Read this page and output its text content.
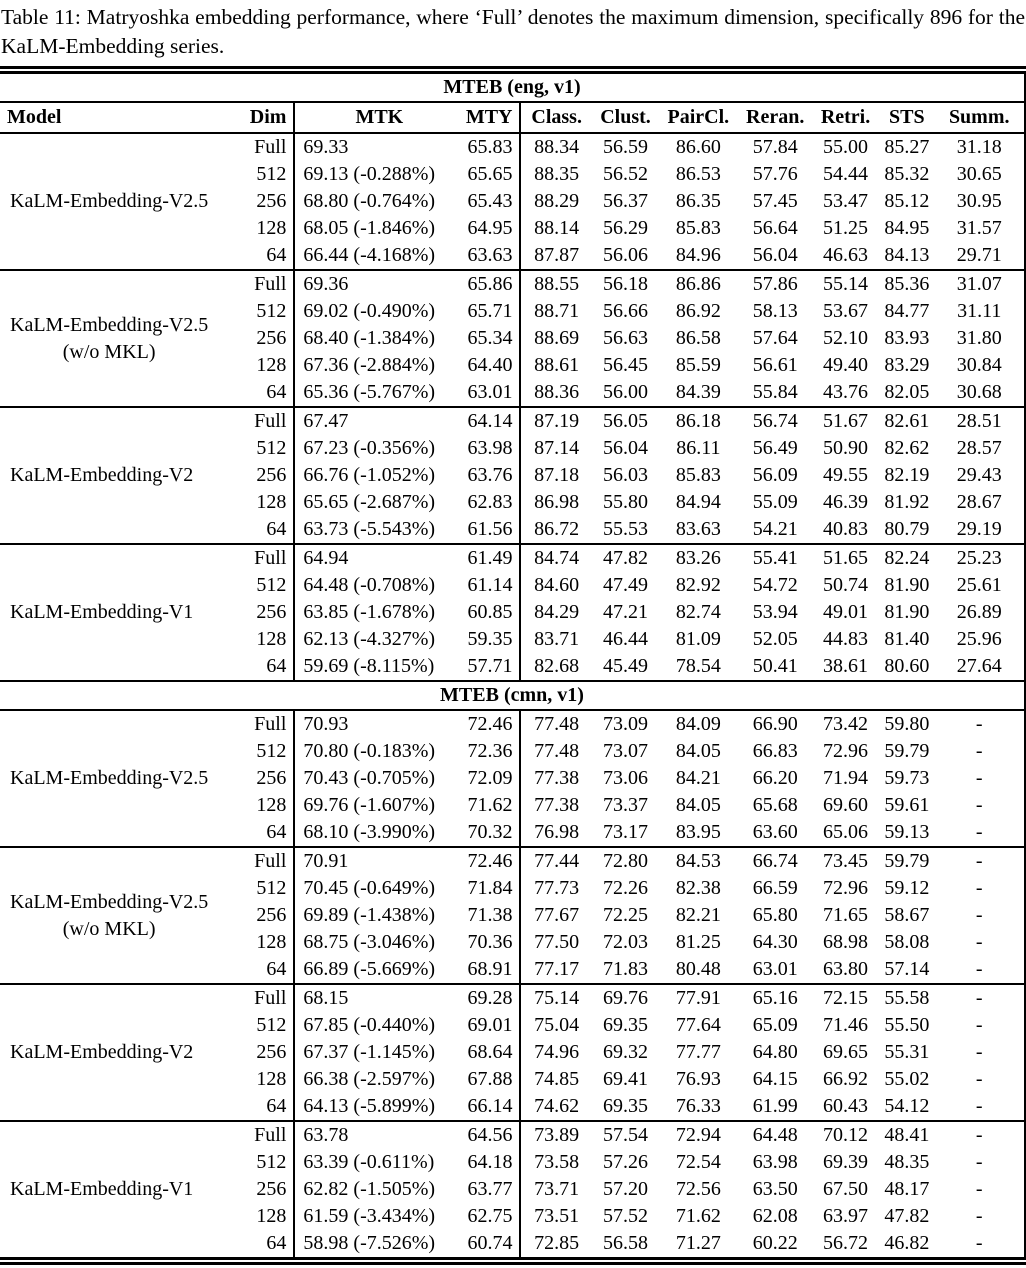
Table 11: Matryoshka embedding performance, where ‘Full’ denotes the maximum dimension, specifically 896 for the KaLM-Embedding series.
MTEB (eng, v1)										
Model	Dim	MTK	MTY	Class.	Clust.	PairCl.	Reran.	Retri.	STS	Summ.

KaLM-Embedding-V2.5	Full	69.33	65.83	88.34	56.59	86.60	57.84	55.00	85.27	31.18
	512	69.13 (-0.288%)	65.65	88.35	56.52	86.53	57.76	54.44	85.32	30.65
	256	68.80 (-0.764%)	65.43	88.29	56.37	86.35	57.45	53.47	85.12	30.95
	128	68.05 (-1.846%)	64.95	88.14	56.29	85.83	56.64	51.25	84.95	31.57
	64	66.44 (-4.168%)	63.63	87.87	56.06	84.96	56.04	46.63	84.13	29.71

KaLM-Embedding-V2.5
(w/o MKL)	Full	69.36	65.86	88.55	56.18	86.86	57.86	55.14	85.36	31.07
	512	69.02 (-0.490%)	65.71	88.71	56.66	86.92	58.13	53.67	84.77	31.11
	256	68.40 (-1.384%)	65.34	88.69	56.63	86.58	57.64	52.10	83.93	31.80
	128	67.36 (-2.884%)	64.40	88.61	56.45	85.59	56.61	49.40	83.29	30.84
	64	65.36 (-5.767%)	63.01	88.36	56.00	84.39	55.84	43.76	82.05	30.68

KaLM-Embedding-V2	Full	67.47	64.14	87.19	56.05	86.18	56.74	51.67	82.61	28.51
	512	67.23 (-0.356%)	63.98	87.14	56.04	86.11	56.49	50.90	82.62	28.57
	256	66.76 (-1.052%)	63.76	87.18	56.03	85.83	56.09	49.55	82.19	29.43
	128	65.65 (-2.687%)	62.83	86.98	55.80	84.94	55.09	46.39	81.92	28.67
	64	63.73 (-5.543%)	61.56	86.72	55.53	83.63	54.21	40.83	80.79	29.19

KaLM-Embedding-V1	Full	64.94	61.49	84.74	47.82	83.26	55.41	51.65	82.24	25.23
	512	64.48 (-0.708%)	61.14	84.60	47.49	82.92	54.72	50.74	81.90	25.61
	256	63.85 (-1.678%)	60.85	84.29	47.21	82.74	53.94	49.01	81.90	26.89
	128	62.13 (-4.327%)	59.35	83.71	46.44	81.09	52.05	44.83	81.40	25.96
	64	59.69 (-8.115%)	57.71	82.68	45.49	78.54	50.41	38.61	80.60	27.64
MTEB (cmn, v1)										

KaLM-Embedding-V2.5	Full	70.93	72.46	77.48	73.09	84.09	66.90	73.42	59.80	-
	512	70.80 (-0.183%)	72.36	77.48	73.07	84.05	66.83	72.96	59.79	-
	256	70.43 (-0.705%)	72.09	77.38	73.06	84.21	66.20	71.94	59.73	-
	128	69.76 (-1.607%)	71.62	77.38	73.37	84.05	65.68	69.60	59.61	-
	64	68.10 (-3.990%)	70.32	76.98	73.17	83.95	63.60	65.06	59.13	-

KaLM-Embedding-V2.5
(w/o MKL)	Full	70.91	72.46	77.44	72.80	84.53	66.74	73.45	59.79	-
	512	70.45 (-0.649%)	71.84	77.73	72.26	82.38	66.59	72.96	59.12	-
	256	69.89 (-1.438%)	71.38	77.67	72.25	82.21	65.80	71.65	58.67	-
	128	68.75 (-3.046%)	70.36	77.50	72.03	81.25	64.30	68.98	58.08	-
	64	66.89 (-5.669%)	68.91	77.17	71.83	80.48	63.01	63.80	57.14	-

KaLM-Embedding-V2	Full	68.15	69.28	75.14	69.76	77.91	65.16	72.15	55.58	-
	512	67.85 (-0.440%)	69.01	75.04	69.35	77.64	65.09	71.46	55.50	-
	256	67.37 (-1.145%)	68.64	74.96	69.32	77.77	64.80	69.65	55.31	-
	128	66.38 (-2.597%)	67.88	74.85	69.41	76.93	64.15	66.92	55.02	-
	64	64.13 (-5.899%)	66.14	74.62	69.35	76.33	61.99	60.43	54.12	-

KaLM-Embedding-V1	Full	63.78	64.56	73.89	57.54	72.94	64.48	70.12	48.41	-
	512	63.39 (-0.611%)	64.18	73.58	57.26	72.54	63.98	69.39	48.35	-
	256	62.82 (-1.505%)	63.77	73.71	57.20	72.56	63.50	67.50	48.17	-
	128	61.59 (-3.434%)	62.75	73.51	57.52	71.62	62.08	63.97	47.82	-
	64	58.98 (-7.526%)	60.74	72.85	56.58	71.27	60.22	56.72	46.82	-
